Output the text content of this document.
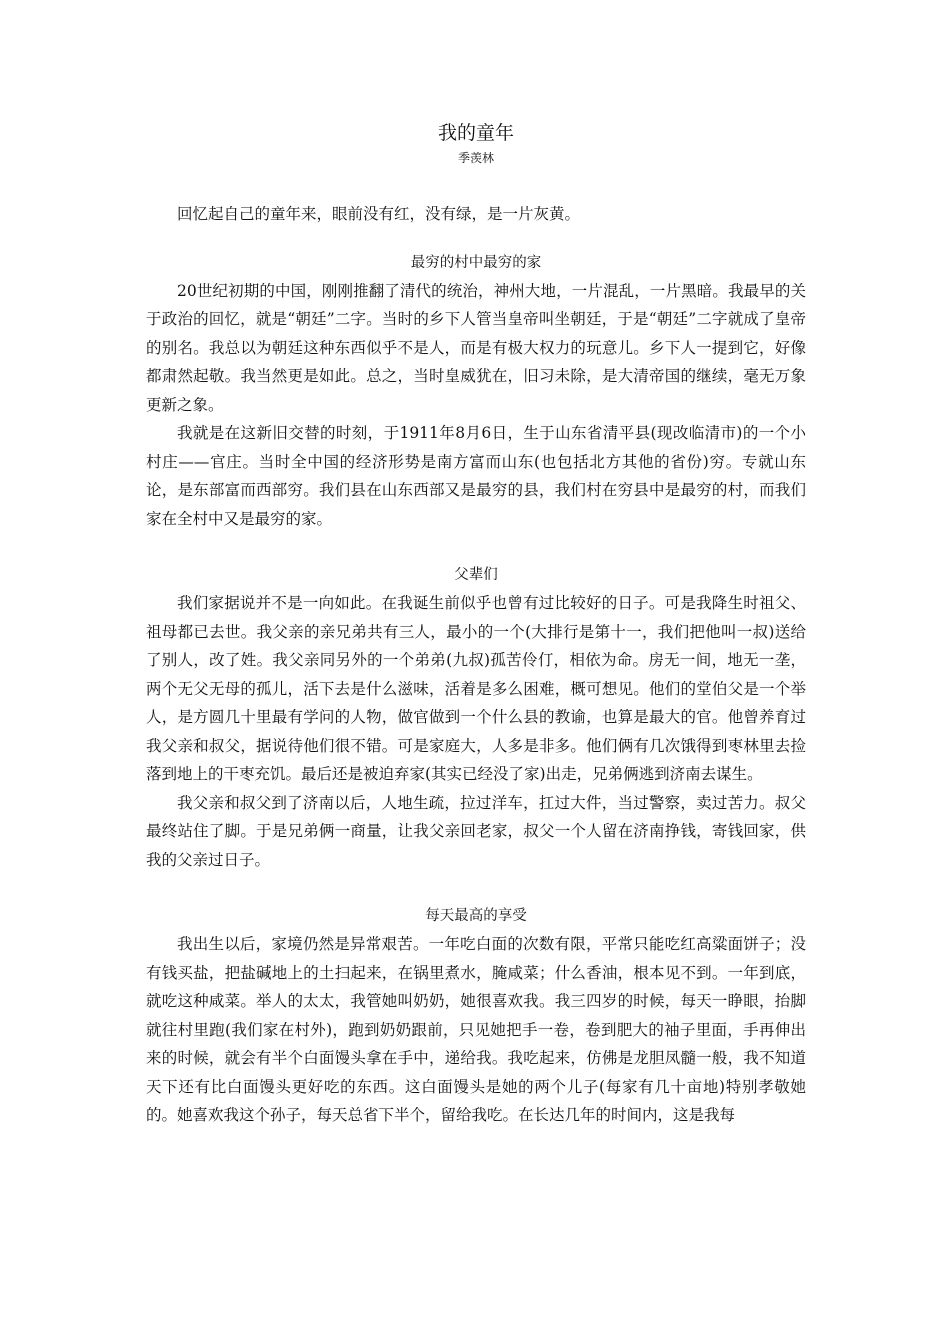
我的童年

季羡林

回忆起自己的童年来，眼前没有红，没有绿，是一片灰黄。

最穷的村中最穷的家

20世纪初期的中国，刚刚推翻了清代的统治，神州大地，一片混乱，一片黑暗。我最早的关于政治的回忆，就是“朝廷”二字。当时的乡下人管当皇帝叫坐朝廷，于是“朝廷”二字就成了皇帝的别名。我总以为朝廷这种东西似乎不是人，而是有极大权力的玩意儿。乡下人一提到它，好像都肃然起敬。我当然更是如此。总之，当时皇威犹在，旧习未除，是大清帝国的继续，毫无万象更新之象。

我就是在这新旧交替的时刻，于1911年8月6日，生于山东省清平县(现改临清市)的一个小村庄——官庄。当时全中国的经济形势是南方富而山东(也包括北方其他的省份)穷。专就山东论，是东部富而西部穷。我们县在山东西部又是最穷的县，我们村在穷县中是最穷的村，而我们家在全村中又是最穷的家。

父辈们

我们家据说并不是一向如此。在我诞生前似乎也曾有过比较好的日子。可是我降生时祖父、祖母都已去世。我父亲的亲兄弟共有三人，最小的一个(大排行是第十一，我们把他叫一叔)送给了别人，改了姓。我父亲同另外的一个弟弟(九叔)孤苦伶仃，相依为命。房无一间，地无一垄，两个无父无母的孤儿，活下去是什么滋味，活着是多么困难，概可想见。他们的堂伯父是一个举人，是方圆几十里最有学问的人物，做官做到一个什么县的教谕，也算是最大的官。他曾养育过我父亲和叔父，据说待他们很不错。可是家庭大，人多是非多。他们俩有几次饿得到枣林里去捡落到地上的干枣充饥。最后还是被迫弃家(其实已经没了家)出走，兄弟俩逃到济南去谋生。

我父亲和叔父到了济南以后，人地生疏，拉过洋车，扛过大件，当过警察，卖过苦力。叔父最终站住了脚。于是兄弟俩一商量，让我父亲回老家，叔父一个人留在济南挣钱，寄钱回家，供我的父亲过日子。

每天最高的享受

我出生以后，家境仍然是异常艰苦。一年吃白面的次数有限，平常只能吃红高粱面饼子；没有钱买盐，把盐碱地上的土扫起来，在锅里煮水，腌咸菜；什么香油，根本见不到。一年到底，就吃这种咸菜。举人的太太，我管她叫奶奶，她很喜欢我。我三四岁的时候，每天一睁眼，抬脚就往村里跑(我们家在村外)，跑到奶奶跟前，只见她把手一卷，卷到肥大的袖子里面，手再伸出来的时候，就会有半个白面馒头拿在手中，递给我。我吃起来，仿佛是龙胆凤髓一般，我不知道天下还有比白面馒头更好吃的东西。这白面馒头是她的两个儿子(每家有几十亩地)特别孝敬她的。她喜欢我这个孙子，每天总省下半个，留给我吃。在长达几年的时间内，这是我每
